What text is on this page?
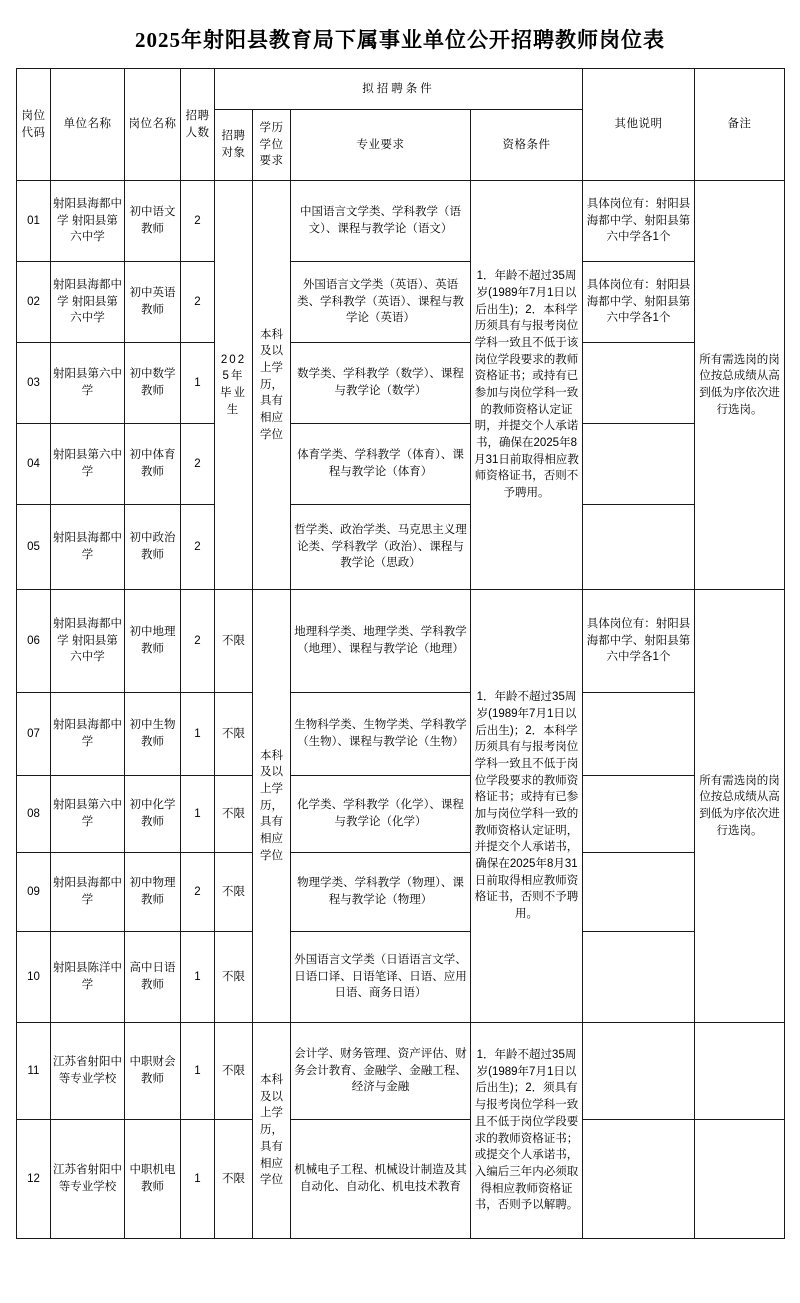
2025年射阳县教育局下属事业单位公开招聘教师岗位表
岗位代码	单位名称	岗位名称	招聘人数	拟招聘条件				其他说明	备注
				招聘对象	学历学位要求	专业要求	资格条件		
01	射阳县海都中学 射阳县第六中学	初中语文教师	2	2025年毕业生	本科及以上学历，具有相应学位	中国语言文学类、学科教学（语文）、课程与教学论（语文）	1．年龄不超过35周岁(1989年7月1日以后出生)；2．本科学历须具有与报考岗位学科一致且不低于该岗位学段要求的教师资格证书；或持有已参加与岗位学科一致的教师资格认定证明，并提交个人承诺书，确保在2025年8月31日前取得相应教师资格证书，否则不予聘用。	具体岗位有：射阳县海都中学、射阳县第六中学各1个	所有需选岗的岗位按总成绩从高到低为序依次进行选岗。
02	射阳县海都中学 射阳县第六中学	初中英语教师	2			外国语言文学类（英语）、英语类、学科教学（英语）、课程与教学论（英语）		具体岗位有：射阳县海都中学、射阳县第六中学各1个	
03	射阳县第六中学	初中数学教师	1			数学类、学科教学（数学）、课程与教学论（数学）			
04	射阳县第六中学	初中体育教师	2			体育学类、学科教学（体育）、课程与教学论（体育）			
05	射阳县海都中学	初中政治教师	2			哲学类、政治学类、马克思主义理论类、学科教学（政治）、课程与教学论（思政）			
06	射阳县海都中学 射阳县第六中学	初中地理教师	2	不限	本科及以上学历，具有相应学位	地理科学类、地理学类、学科教学（地理）、课程与教学论（地理）	1．年龄不超过35周岁(1989年7月1日以后出生)；2．本科学历须具有与报考岗位学科一致且不低于岗位学段要求的教师资格证书；或持有已参加与岗位学科一致的教师资格认定证明，并提交个人承诺书，确保在2025年8月31日前取得相应教师资格证书，否则不予聘用。	具体岗位有：射阳县海都中学、射阳县第六中学各1个	所有需选岗的岗位按总成绩从高到低为序依次进行选岗。
07	射阳县海都中学	初中生物教师	1	不限		生物科学类、生物学类、学科教学（生物）、课程与教学论（生物）			
08	射阳县第六中学	初中化学教师	1	不限		化学类、学科教学（化学）、课程与教学论（化学）			
09	射阳县海都中学	初中物理教师	2	不限		物理学类、学科教学（物理）、课程与教学论（物理）			
10	射阳县陈洋中学	高中日语教师	1	不限		外国语言文学类（日语语言文学、日语口译、日语笔译、日语、应用日语、商务日语）			
11	江苏省射阳中等专业学校	中职财会教师	1	不限	本科及以上学历，具有相应学位	会计学、财务管理、资产评估、财务会计教育、金融学、金融工程、经济与金融	1．年龄不超过35周岁(1989年7月1日以后出生)；2．须具有与报考岗位学科一致且不低于岗位学段要求的教师资格证书；或提交个人承诺书，入编后三年内必须取得相应教师资格证书，否则予以解聘。		
12	江苏省射阳中等专业学校	中职机电教师	1	不限		机械电子工程、机械设计制造及其自动化、自动化、机电技术教育			
